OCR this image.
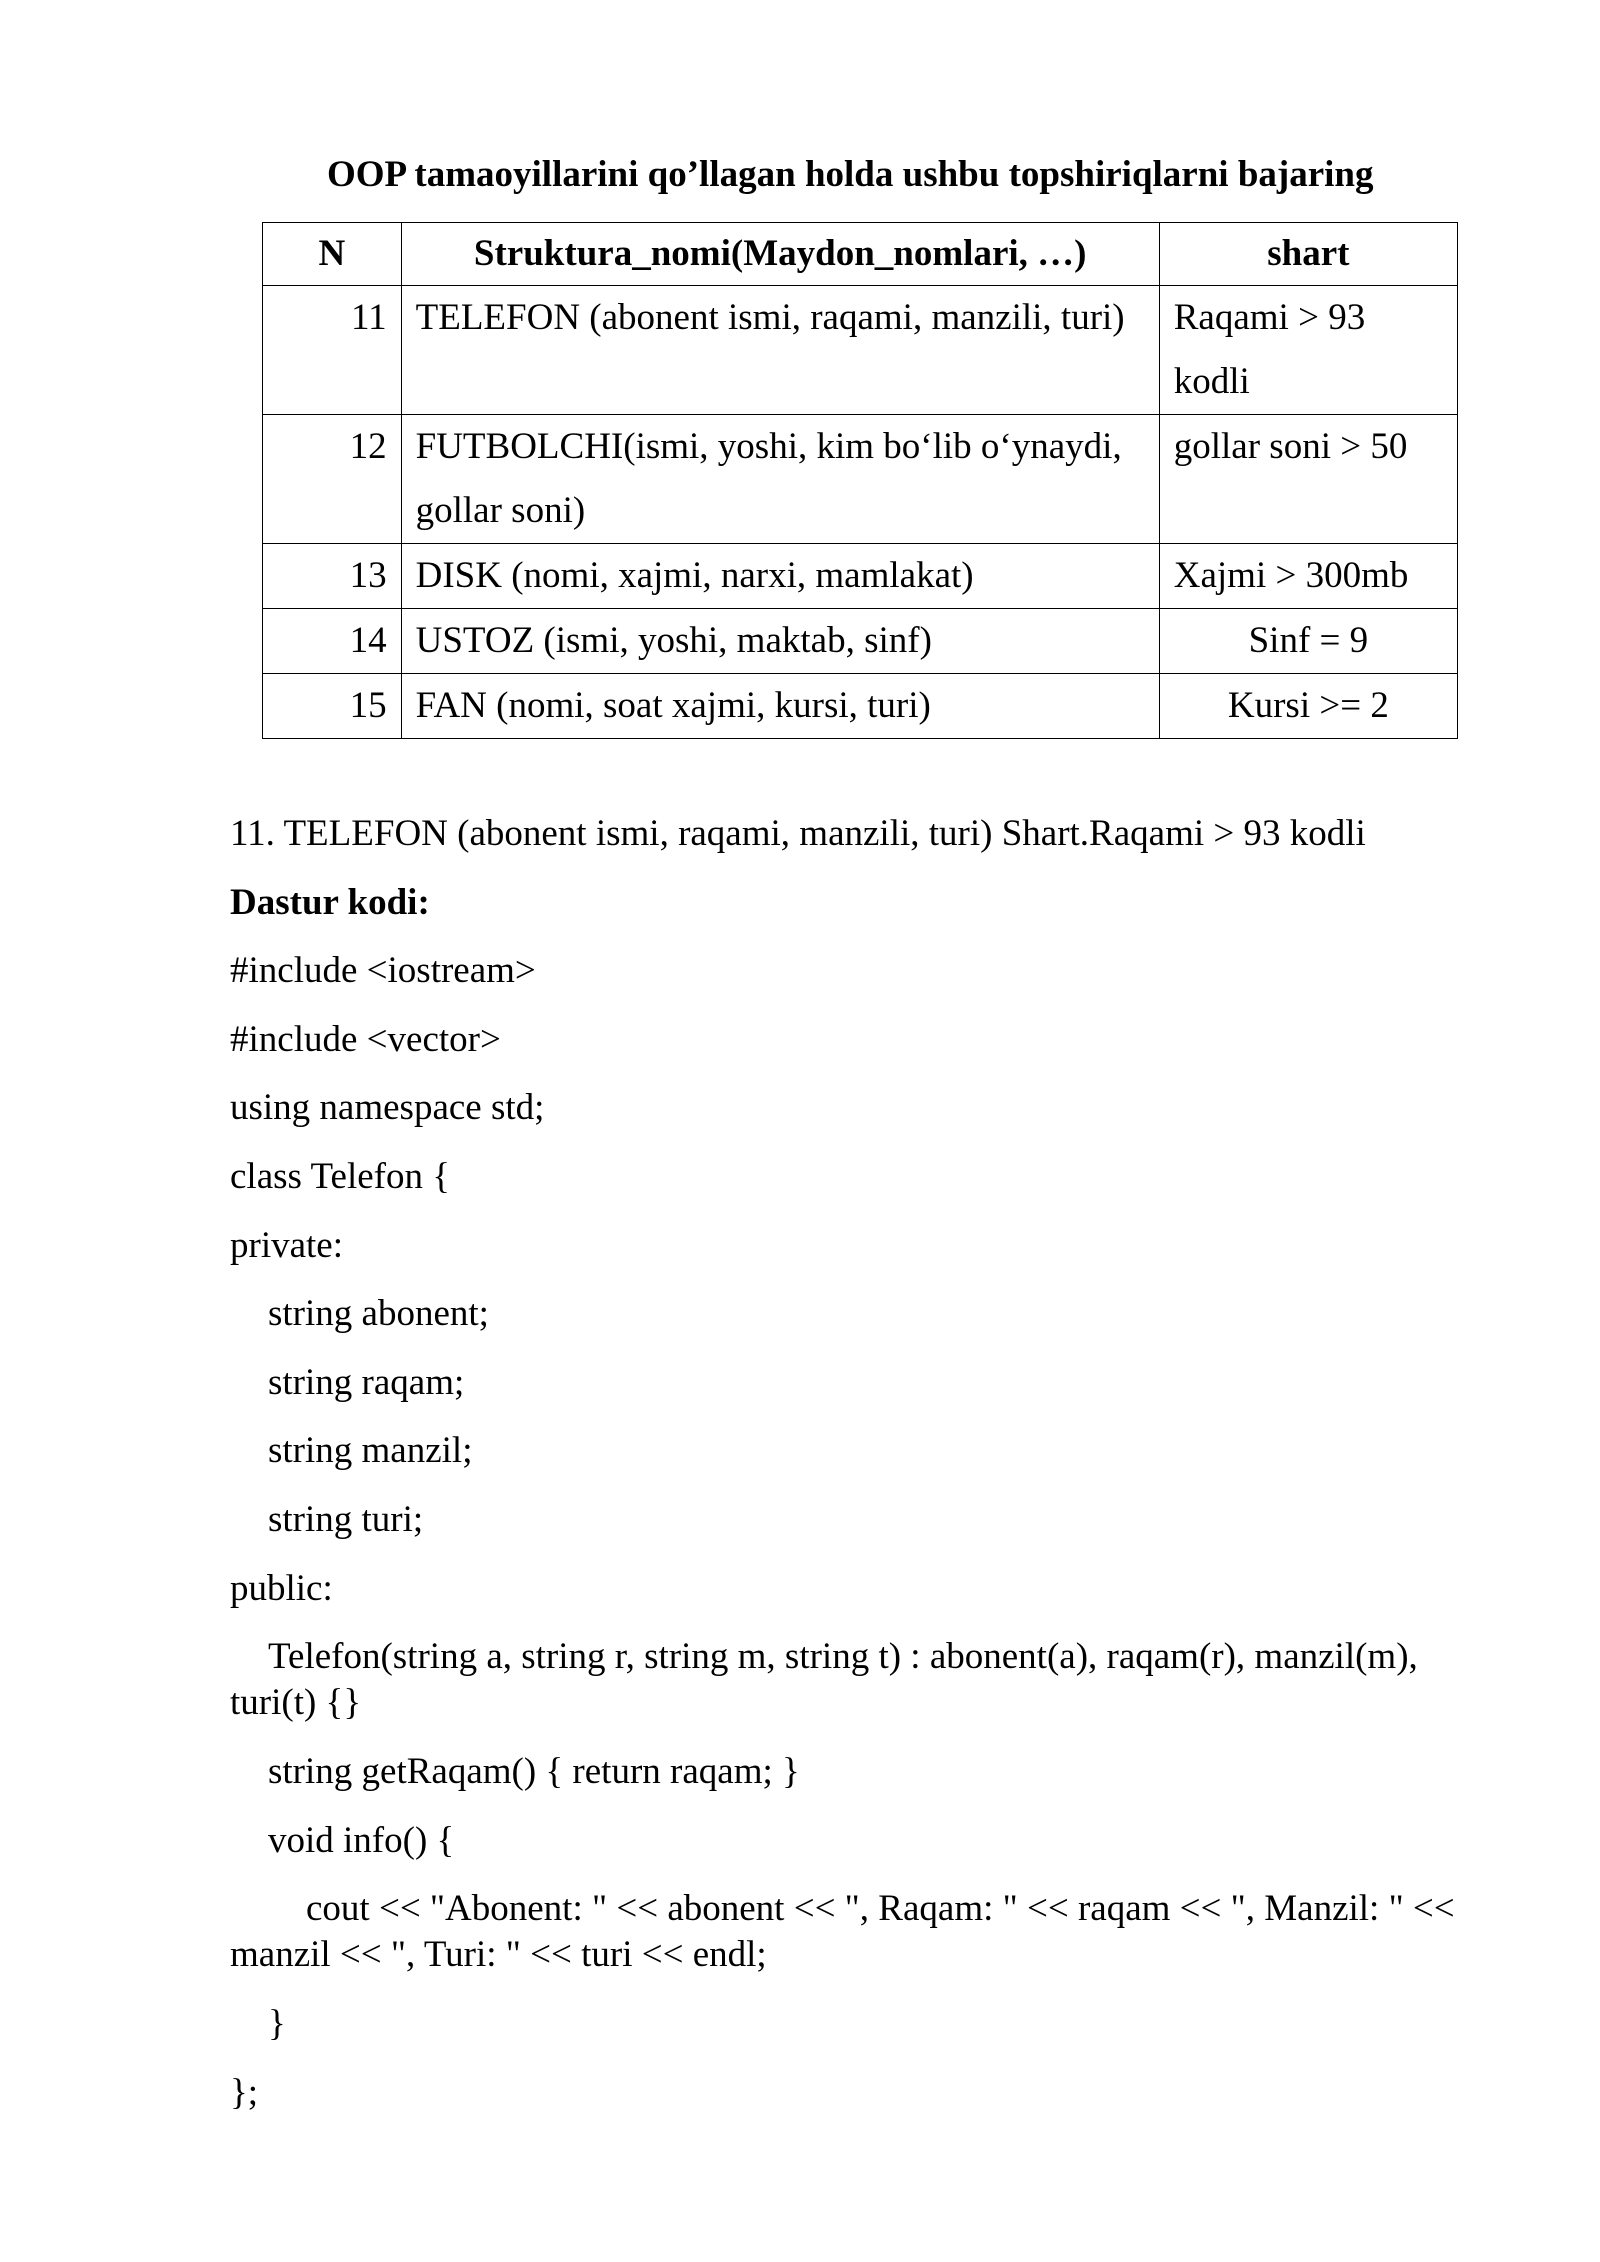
OOP tamaoyillarini qo’llagan holda ushbu topshiriqlarni bajaring
N	Struktura_nomi(Maydon_nomlari, …)	shart
11	TELEFON (abonent ismi, raqami, manzili, turi)	Raqami > 93 kodli
12	FUTBOLCHI(ismi, yoshi, kim bo‘lib o‘ynaydi, gollar soni)	gollar soni > 50
13	DISK (nomi, xajmi, narxi, mamlakat)	Xajmi > 300mb
14	USTOZ (ismi, yoshi, maktab, sinf)	Sinf = 9
15	FAN (nomi, soat xajmi, kursi, turi)	Kursi >= 2

11. TELEFON (abonent ismi, raqami, manzili, turi) Shart.Raqami > 93 kodli

Dastur kodi:

#include <iostream>

#include <vector>

using namespace std;

class Telefon {

private:

string abonent;

string raqam;

string manzil;

string turi;

public:

Telefon(string a, string r, string m, string t) : abonent(a), raqam(r), manzil(m), turi(t) {}

string getRaqam() { return raqam; }

void info() {

cout << "Abonent: " << abonent << ", Raqam: " << raqam << ", Manzil: " << manzil << ", Turi: " << turi << endl;

}

};
